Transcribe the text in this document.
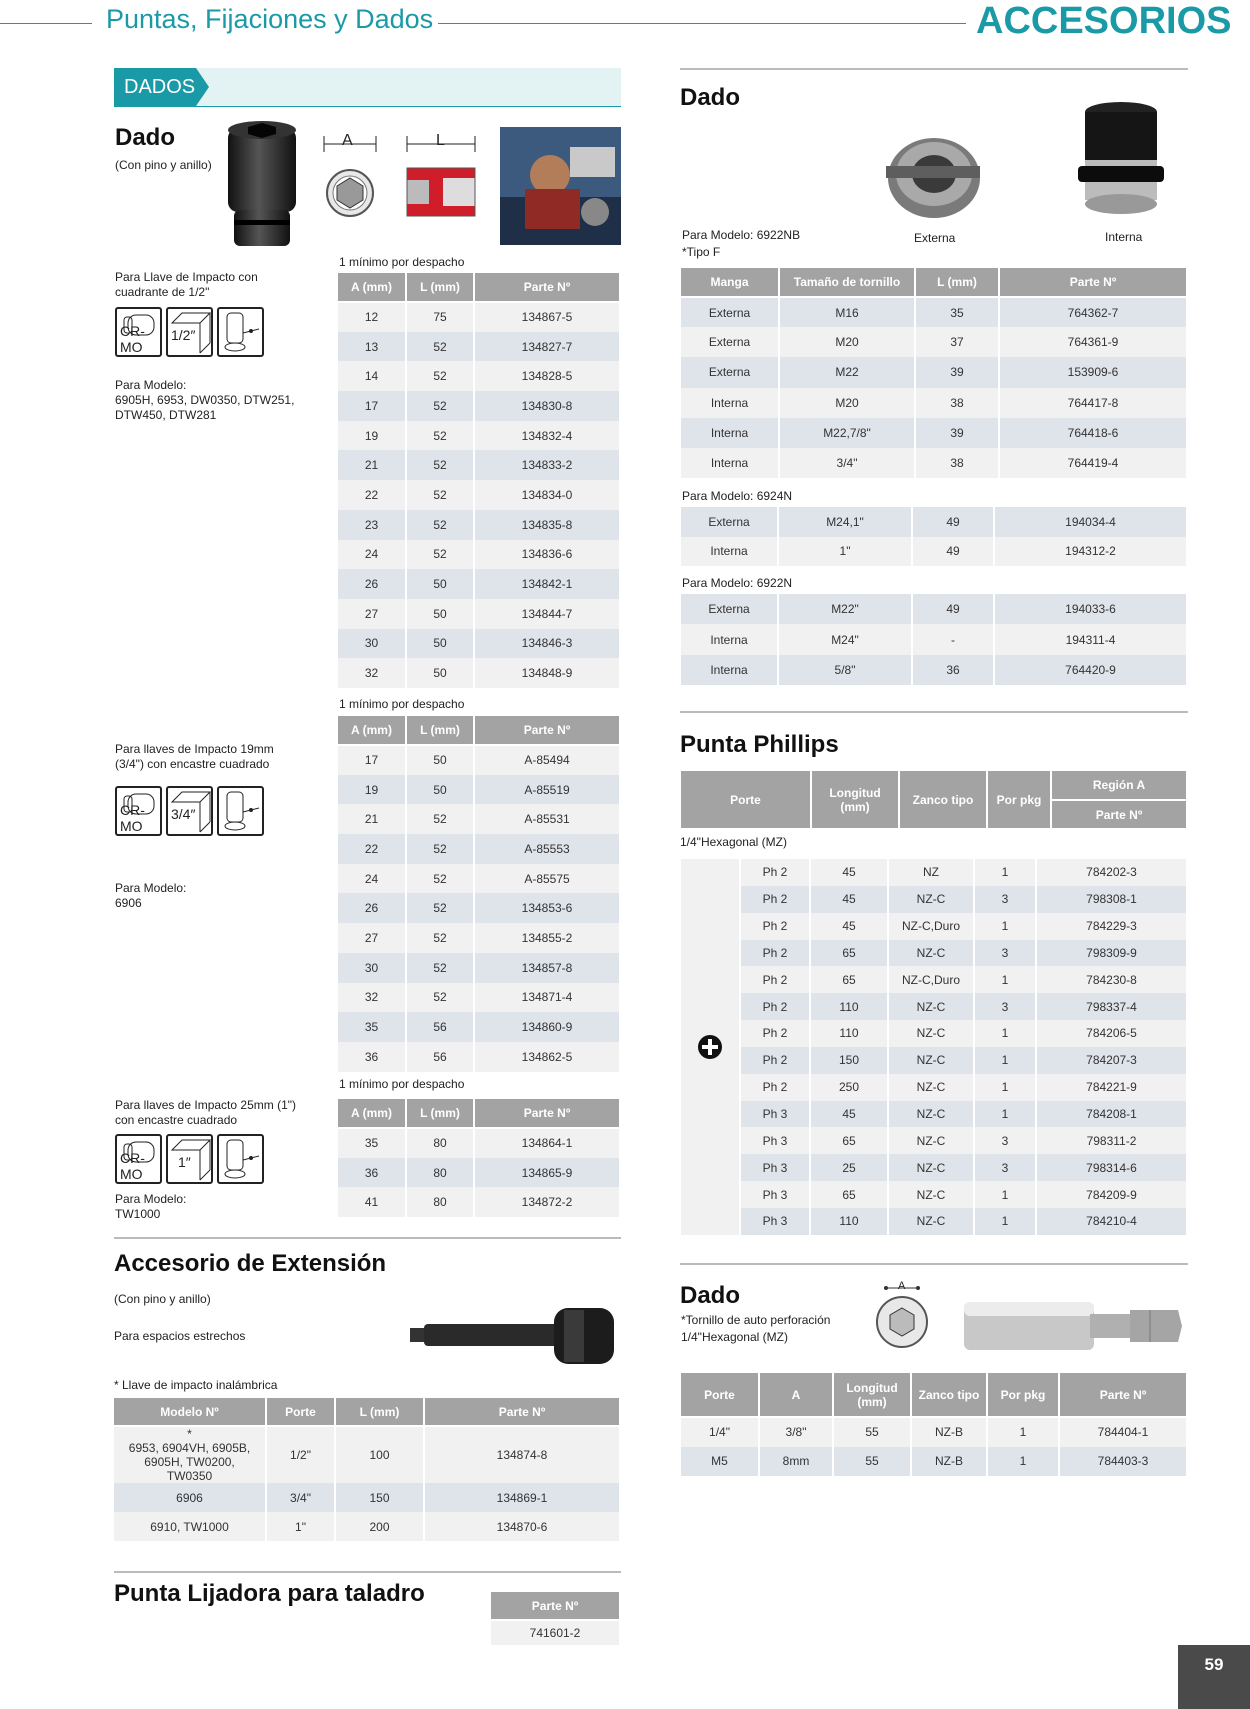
Puntas, Fijaciones y Dados	ACCESORIOS
DADOS
Dado
(Con pino y anillo)
A	L
Para Llave de Impacto con cuadrante de 1/2"
Para Modelo:
6905H, 6953, DW0350, DTW251, DTW450, DTW281
CR-MO
1/2″
1 mínimo por despacho
A (mm)	L (mm)	Parte Nº
12	75	134867-5
13	52	134827-7
14	52	134828-5
17	52	134830-8
19	52	134832-4
21	52	134833-2
22	52	134834-0
23	52	134835-8
24	52	134836-6
26	50	134842-1
27	50	134844-7
30	50	134846-3
32	50	134848-9
Para llaves de Impacto 19mm (3/4") con encastre cuadrado
Para Modelo:
6906
CR-MO
3/4″
1 mínimo por despacho
A (mm)	L (mm)	Parte Nº
17	50	A-85494
19	50	A-85519
21	52	A-85531
22	52	A-85553
24	52	A-85575
26	52	134853-6
27	52	134855-2
30	52	134857-8
32	52	134871-4
35	56	134860-9
36	56	134862-5
Para llaves de Impacto 25mm (1") con encastre cuadrado
Para Modelo:
TW1000
CR-MO
1″
1 mínimo por despacho
A (mm)	L (mm)	Parte Nº
35	80	134864-1
36	80	134865-9
41	80	134872-2
Accesorio de Extensión
(Con pino y anillo)
Para espacios estrechos
* Llave de impacto inalámbrica
Modelo Nº	Porte	L (mm)	Parte Nº

*
6953, 6904VH, 6905B, 6905H, TW0200, TW0350	1/2"	100	134874-8
6906	3/4"	150	134869-1
6910, TW1000	1"	200	134870-6
Punta Lijadora para taladro	Parte Nº
741601-2
Dado
Externa	Interna
Para Modelo: 6922NB
*Tipo F
Manga	Tamaño de tornillo	L (mm)	Parte Nº
Externa	M16	35	764362-7
Externa	M20	37	764361-9
Externa	M22	39	153909-6
Interna	M20	38	764417-8
Interna	M22,7/8"	39	764418-6
Interna	3/4"	38	764419-4
Para Modelo: 6924N
Externa	M24,1"	49	194034-4
Interna	1"	49	194312-2
Para Modelo: 6922N
Externa	M22"	49	194033-6
Interna	M24"	-	194311-4
Interna	5/8"	36	764420-9
Punta Phillips
Porte	Longitud (mm)	Zanco tipo	Por pkg	Región A
Parte Nº
1/4"Hexagonal (MZ)
Ph 2	45	NZ	1	784202-3
Ph 2	45	NZ-C	3	798308-1
Ph 2	45	NZ-C,Duro	1	784229-3
Ph 2	65	NZ-C	3	798309-9
Ph 2	65	NZ-C,Duro	1	784230-8
Ph 2	110	NZ-C	3	798337-4
Ph 2	110	NZ-C	1	784206-5
Ph 2	150	NZ-C	1	784207-3
Ph 2	250	NZ-C	1	784221-9
Ph 3	45	NZ-C	1	784208-1
Ph 3	65	NZ-C	3	798311-2
Ph 3	25	NZ-C	3	798314-6
Ph 3	65	NZ-C	1	784209-9
Ph 3	110	NZ-C	1	784210-4
Dado
*Tornillo de auto perforación
1/4"Hexagonal (MZ)
A
Porte	A	Longitud (mm)	Zanco tipo	Por pkg	Parte Nº
1/4"	3/8"	55	NZ-B	1	784404-1
M5	8mm	55	NZ-B	1	784403-3
59
